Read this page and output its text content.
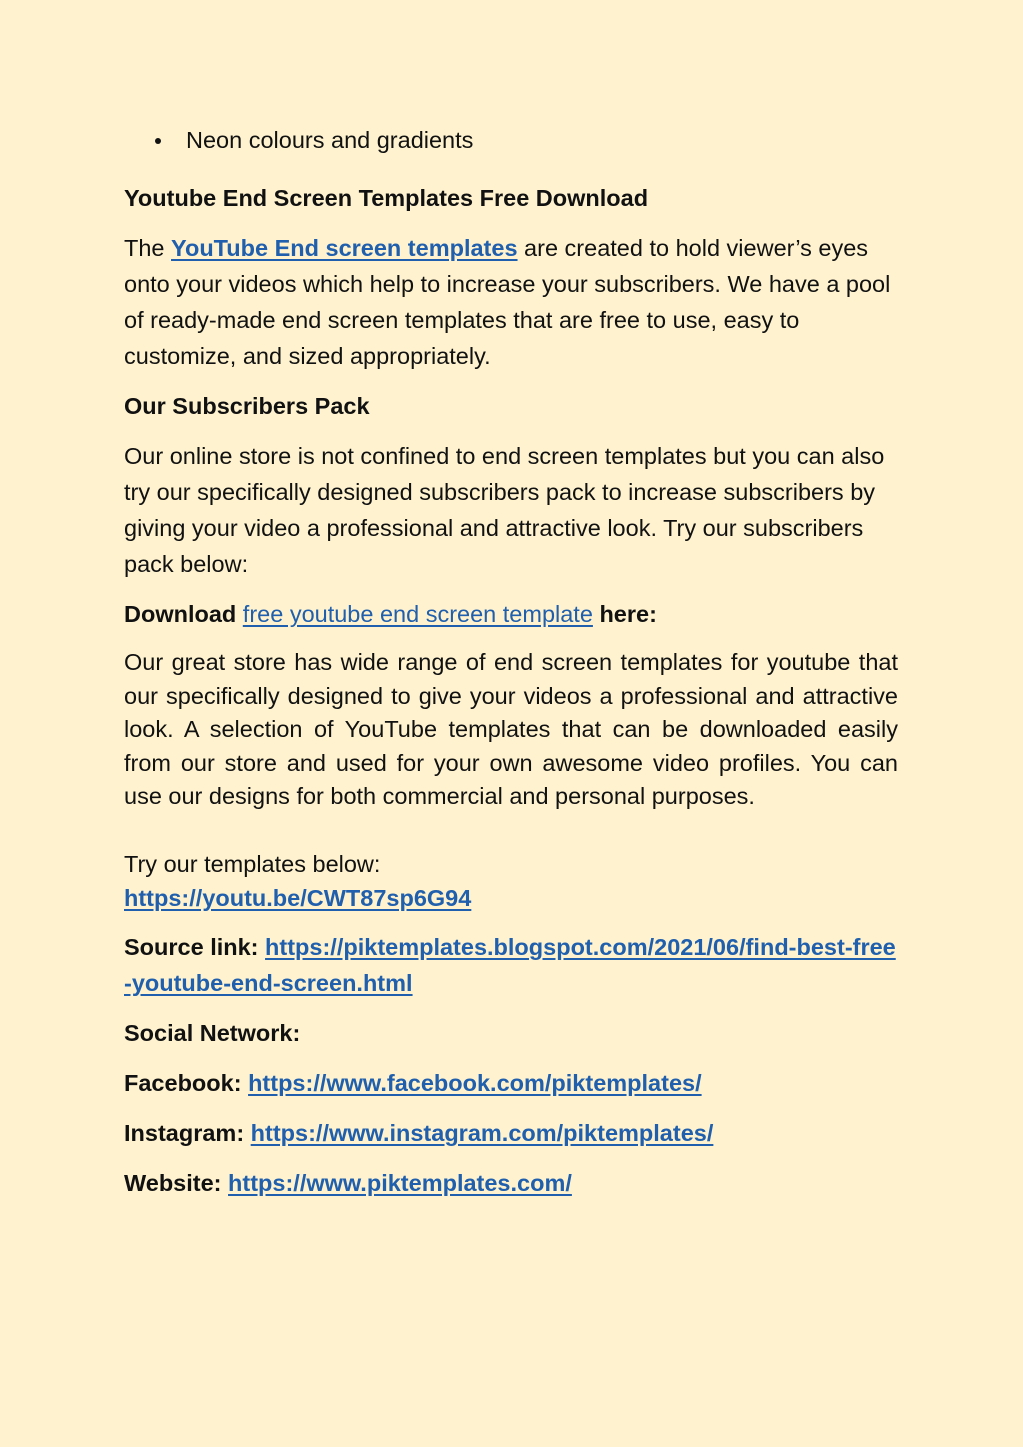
Neon colours and gradients
Youtube End Screen Templates Free Download

The YouTube End screen templates are created to hold viewer’s eyes onto your videos which help to increase your subscribers. We have a pool of ready-made end screen templates that are free to use, easy to customize, and sized appropriately.

Our Subscribers Pack

Our online store is not confined to end screen templates but you can also try our specifically designed subscribers pack to increase subscribers by giving your video a professional and attractive look. Try our subscribers pack below:

Download free youtube end screen template here:

Our great store has wide range of end screen templates for youtube that our specifically designed to give your videos a professional and attractive look. A selection of YouTube templates that can be downloaded easily from our store and used for your own awesome video profiles. You can use our designs for both commercial and personal purposes.

Try our templates below:
https://youtu.be/CWT87sp6G94

Source link: https://piktemplates.blogspot.com/2021/06/find-best-free-youtube-end-screen.html

Social Network:

Facebook: https://www.facebook.com/piktemplates/

Instagram: https://www.instagram.com/piktemplates/

Website: https://www.piktemplates.com/
